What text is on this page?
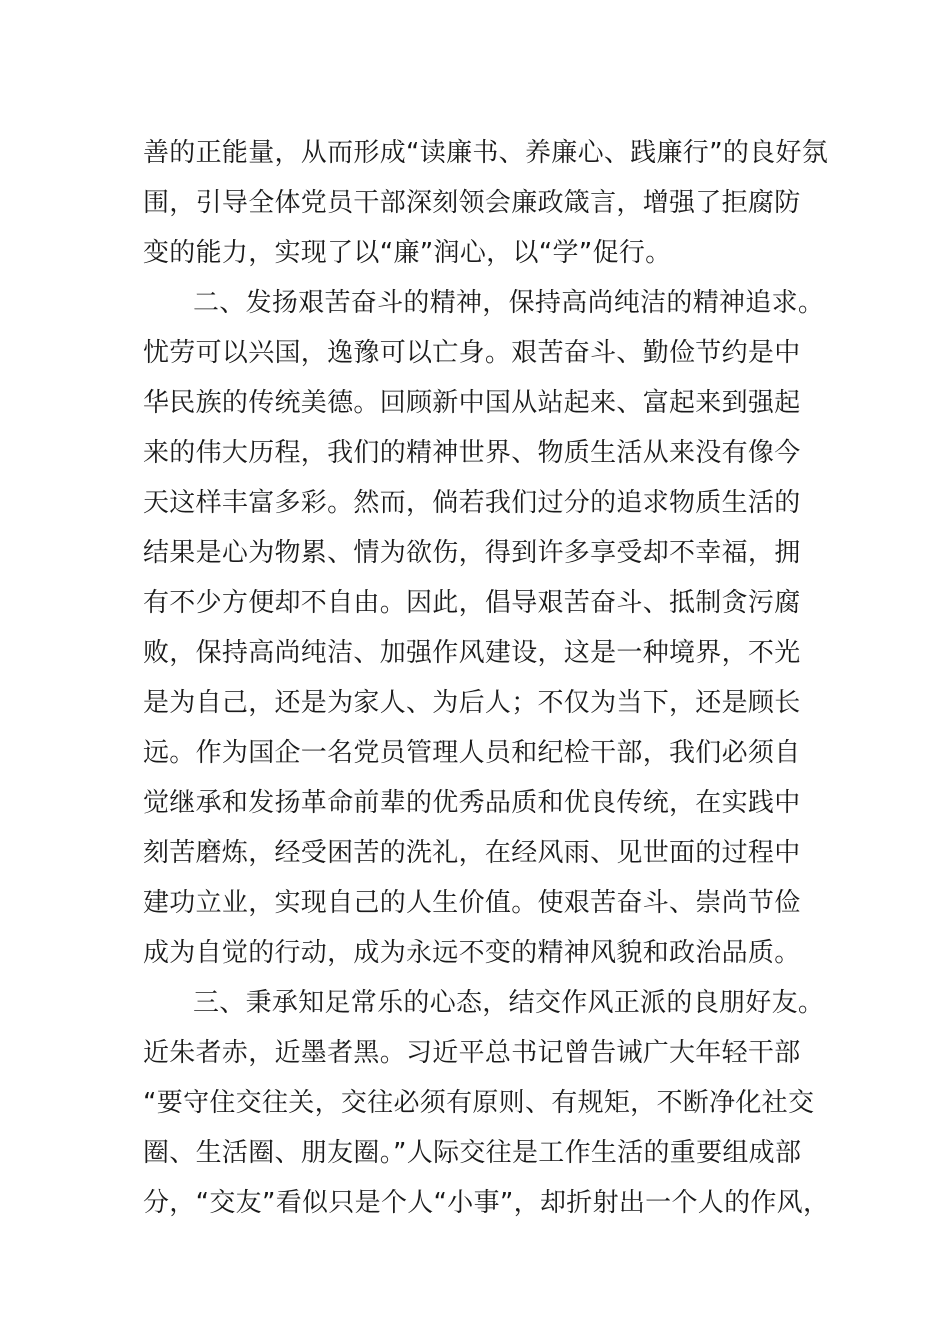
善的正能量，从而形成“读廉书、养廉心、践廉行”的良好氛
围，引导全体党员干部深刻领会廉政箴言，增强了拒腐防
变的能力，实现了以“廉”润心，以“学”促行。
二、发扬艰苦奋斗的精神，保持高尚纯洁的精神追求。
忧劳可以兴国，逸豫可以亡身。艰苦奋斗、勤俭节约是中
华民族的传统美德。回顾新中国从站起来、富起来到强起
来的伟大历程，我们的精神世界、物质生活从来没有像今
天这样丰富多彩。然而，倘若我们过分的追求物质生活的
结果是心为物累、情为欲伤，得到许多享受却不幸福，拥
有不少方便却不自由。因此，倡导艰苦奋斗、抵制贪污腐
败，保持高尚纯洁、加强作风建设，这是一种境界，不光
是为自己，还是为家人、为后人；不仅为当下，还是顾长
远。作为国企一名党员管理人员和纪检干部，我们必须自
觉继承和发扬革命前辈的优秀品质和优良传统，在实践中
刻苦磨炼，经受困苦的洗礼，在经风雨、见世面的过程中
建功立业，实现自己的人生价值。使艰苦奋斗、崇尚节俭
成为自觉的行动，成为永远不变的精神风貌和政治品质。
三、秉承知足常乐的心态，结交作风正派的良朋好友。
近朱者赤，近墨者黑。习近平总书记曾告诫广大年轻干部
“要守住交往关，交往必须有原则、有规矩，不断净化社交
圈、生活圈、朋友圈。”人际交往是工作生活的重要组成部
分，“交友”看似只是个人“小事”，却折射出一个人的作风，
